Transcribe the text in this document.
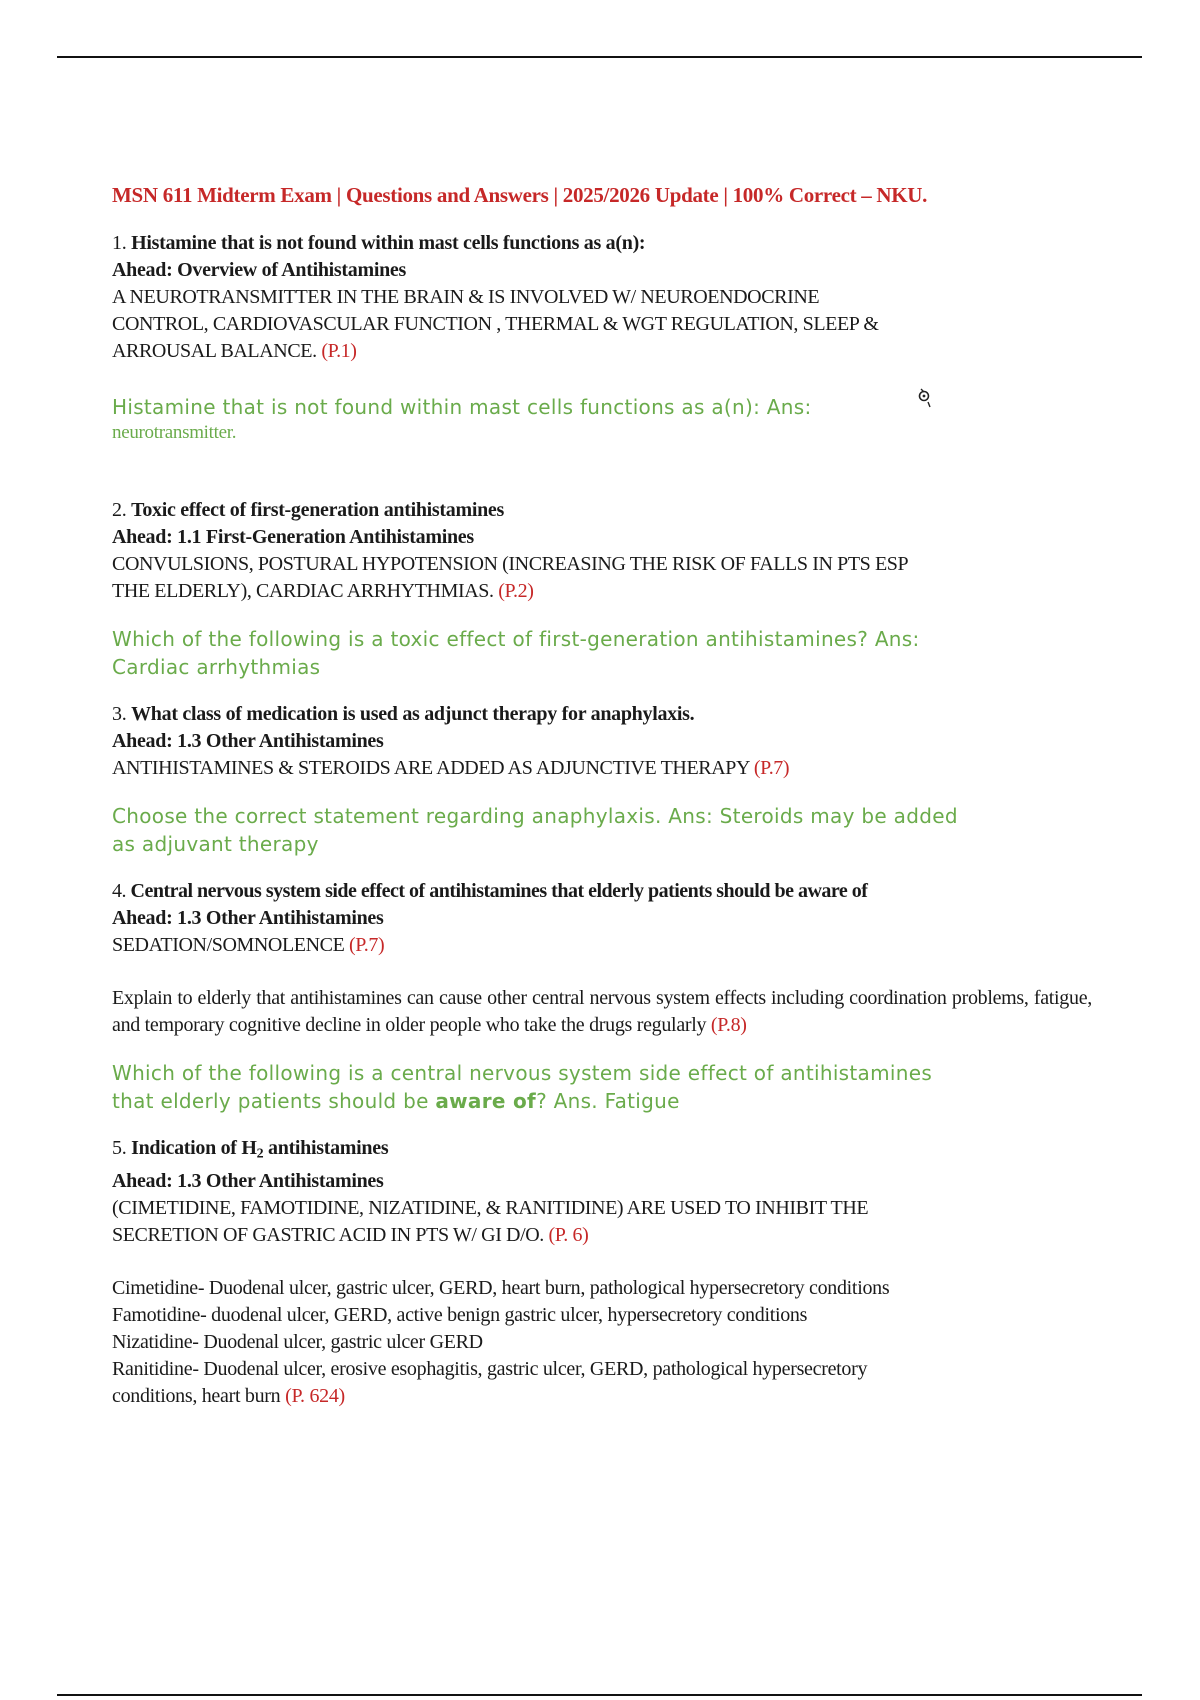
MSN 611 Midterm Exam | Questions and Answers | 2025/2026 Update | 100% Correct – NKU.
1. Histamine that is not found within mast cells functions as a(n):
Ahead: Overview of Antihistamines
A NEUROTRANSMITTER IN THE BRAIN & IS INVOLVED W/ NEUROENDOCRINE
CONTROL, CARDIOVASCULAR FUNCTION , THERMAL & WGT REGULATION, SLEEP &
ARROUSAL BALANCE. (P.1)
Histamine that is not found within mast cells functions as a(n): Ans:
neurotransmitter.
2. Toxic effect of first-generation antihistamines
Ahead: 1.1 First-Generation Antihistamines
CONVULSIONS, POSTURAL HYPOTENSION (INCREASING THE RISK OF FALLS IN PTS ESP
THE ELDERLY), CARDIAC ARRHYTHMIAS. (P.2)
Which of the following is a toxic effect of first-generation antihistamines? Ans:
Cardiac arrhythmias
3. What class of medication is used as adjunct therapy for anaphylaxis.
Ahead: 1.3 Other Antihistamines
ANTIHISTAMINES & STEROIDS ARE ADDED AS ADJUNCTIVE THERAPY (P.7)
Choose the correct statement regarding anaphylaxis. Ans: Steroids may be added
as adjuvant therapy
4. Central nervous system side effect of antihistamines that elderly patients should be aware of
Ahead: 1.3 Other Antihistamines
SEDATION/SOMNOLENCE (P.7)
Explain to elderly that antihistamines can cause other central nervous system effects including coordination problems, fatigue, and temporary cognitive decline in older people who take the drugs regularly (P.8)
Which of the following is a central nervous system side effect of antihistamines
that elderly patients should be aware of? Ans. Fatigue
5. Indication of $H_2$ antihistamines
Ahead: 1.3 Other Antihistamines
(CIMETIDINE, FAMOTIDINE, NIZATIDINE, & RANITIDINE) ARE USED TO INHIBIT THE
SECRETION OF GASTRIC ACID IN PTS W/ GI D/O. (P. 6)
Cimetidine- Duodenal ulcer, gastric ulcer, GERD, heart burn, pathological hypersecretory conditions
Famotidine- duodenal ulcer, GERD, active benign gastric ulcer, hypersecretory conditions
Nizatidine- Duodenal ulcer, gastric ulcer GERD
Ranitidine- Duodenal ulcer, erosive esophagitis, gastric ulcer, GERD, pathological hypersecretory
conditions, heart burn (P. 624)
